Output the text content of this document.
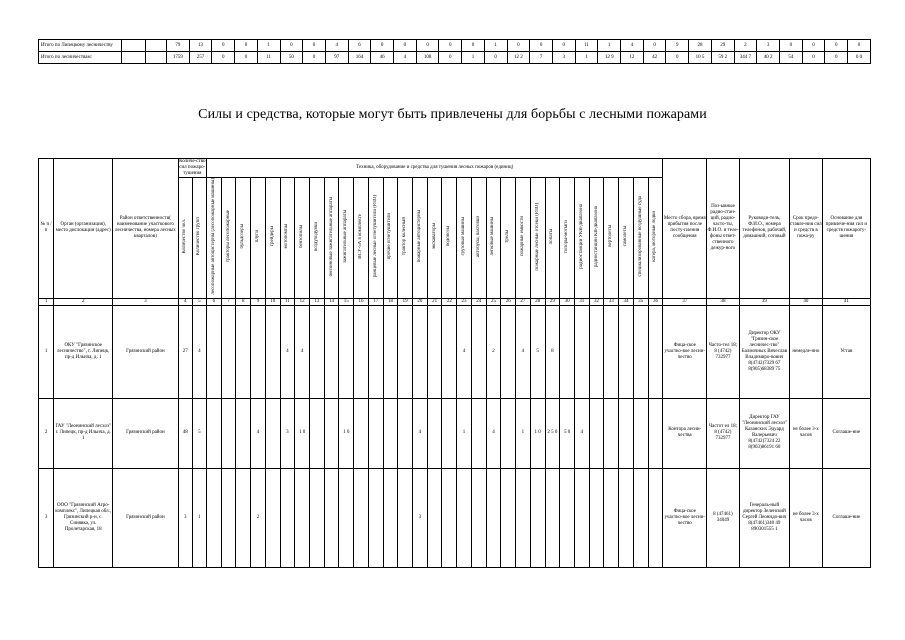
Итого по Липецкому лесничеству			79	13	0	0	1	0	0	4	6	0	0	0	0	0	1	0	0	0	11	1	4	0	9	28	29	2	3	0	0	0	0
Итого по лесничествам:			1759	257	0	0	11	50	0	97	164	46	4	108	0	1	0	12 2	7	3	1	12 9	12	42	0	10 5	59 2	344 7	40 2	54	0	0	0 0
Силы и средства, которые могут быть привлечены для борьбы с лесными пожарами
№ п / п	Орган (организация), место дислокации (адрес)	Район ответственности( наименование участкового лесничества, номера лесных кварталов)	Количе-ство сил пожаро-тушения		Техника, оборудование и средства для тушения лесных пожаров (единиц)																															Место сбора, время прибытия после посту-пления сообщения	Поз-ывные радио-стан-ций, радио-часто-ты, Ф.И.О. и теле-фоны ответ-ственного дежур-ного	Руководи-тель, Ф.И.О., номера телефонов, рабочий, домашний, сотовый	Срок предо-ставле-ния сил и средств в пожа-ру	Основание для привлече-ния сил и средств пожароту-шения
			Количество чел.	Количество групп	лесопожарные автоцистерны (лесопожарные машины)	тракторы лесопожарные	бульдозеры	плуги	грейдеры	мотопомпы	бензопилы	воздуходувки	бензиновые зажигательные аппараты	зажигательные аппараты	ВСУ-5А в комплекте	ранцевые лесные огнетушители (РЛО)	прочие огнетушители	трактор колесный	пожарные автоцистерны	экскаваторы	водовозы	грузовые машины	автобусы, вахтовки	легковые машины	трелы	пожарные емкости	пожарные лесные отсеки (РЛО)	лопаты	топоры-мотыги	радиостанции УКВ-диапазона	радиостанции КВ-диапазона	вертолеты	самолеты	специализированные воздушные суда	катера, моторные лодки					
1	2	3	4	5	6	7	8	9	10	11	12	13	14	15	16	17	18	19	20	21	22	23	24	25	26	27	28	29	30	31	32	33	34	35	36	37	38	39	40	41
1	ОКУ "Грязинское лесничество", г. Липецк, пр-д Ильича, д. 1	Грязинский район	27	4						4	4											4		2		4	5	8								Фица-ское участко-вое лесни-чество	Часто-тел 18; 8 (4742) 732977	Директор ОКУ "Грязин-ское лесничес-тво" Балмочных Вячеслав Владимиро-вович 8(4742)7329 67 8(905)68389 75	немедле-нно	Устав
2	ГАУ "Леонинский лесхоз" г. Липецк, пр-д Ильича, д. 1	Грязинский район	48	5				4		3	1 0			1 0					4			1		4		1	1 0	2 5 0	5 0	4						Контора лесни-чества	Частот ел 18; 8 (4742) 732977	Директор ГАУ "Леонинский лесхоз" Казанских Эдуард Валерьевич 8(4742)7324 22 8(903)86191 60	не более 3-х часов	Соглаше-ние
3	ООО "Грязинский Агро-комплекс", Липецкая обл., Грязинский р-н, с. Синявка, ул. Пролетарская, 18	Грязинский район	3	1				2											3																	Фица-ское участко-вое лесни-чество	8 (47461) 34049	Генераль-ный директор Зеленский Сергей Леонидо-вич 8(47461)340 49 890301555 1	не более 3-х часов	Соглаше-ние
